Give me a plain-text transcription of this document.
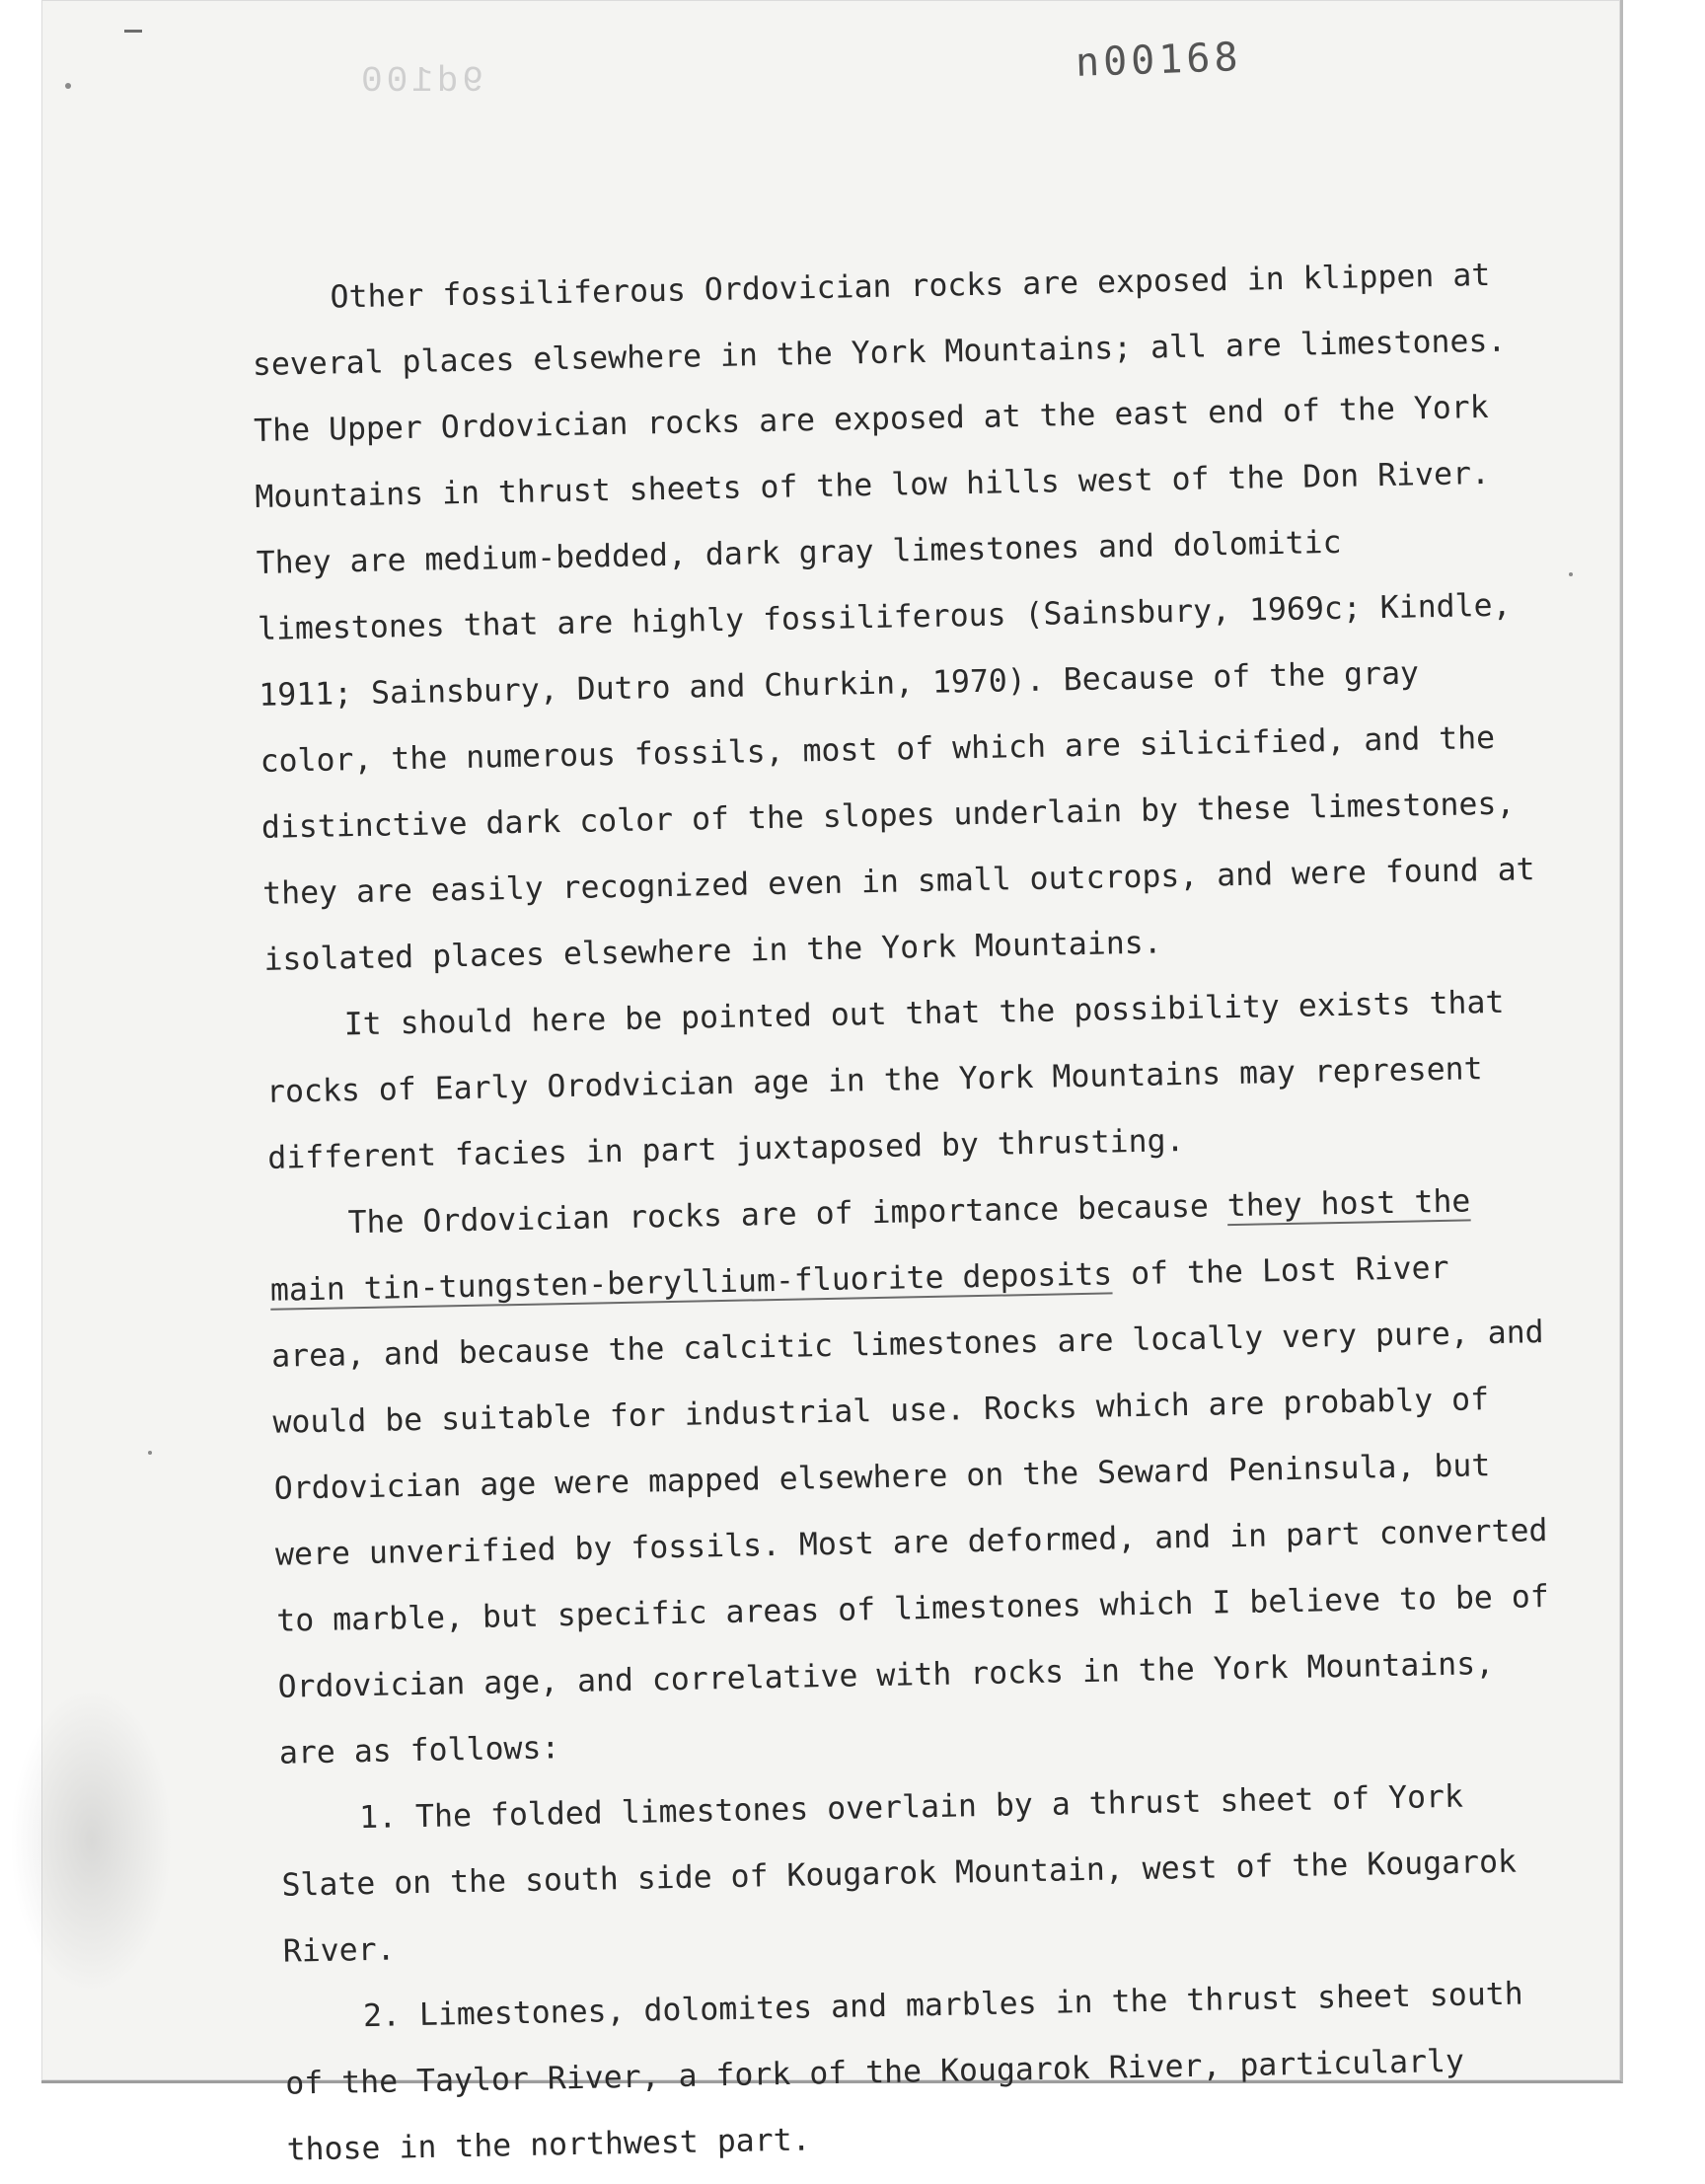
9d100	n00168

Other fossiliferous Ordovician rocks are exposed in klippen at several places elsewhere in the York Mountains; all are limestones. The Upper Ordovician rocks are exposed at the east end of the York Mountains in thrust sheets of the low hills west of the Don River. They are medium-bedded, dark gray limestones and dolomitic limestones that are highly fossiliferous (Sainsbury, 1969c; Kindle, 1911; Sainsbury, Dutro and Churkin, 1970). Because of the gray color, the numerous fossils, most of which are silicified, and the distinctive dark color of the slopes underlain by these limestones, they are easily recognized even in small outcrops, and were found at isolated places elsewhere in the York Mountains.

It should here be pointed out that the possibility exists that rocks of Early Orodvician age in the York Mountains may represent different facies in part juxtaposed by thrusting.

The Ordovician rocks are of importance because they host the main tin-tungsten-beryllium-fluorite deposits of the Lost River area, and because the calcitic limestones are locally very pure, and would be suitable for industrial use. Rocks which are probably of Ordovician age were mapped elsewhere on the Seward Peninsula, but were unverified by fossils. Most are deformed, and in part converted to marble, but specific areas of limestones which I believe to be of Ordovician age, and correlative with rocks in the York Mountains, are as follows:

1. The folded limestones overlain by a thrust sheet of York Slate on the south side of Kougarok Mountain, west of the Kougarok River.

2. Limestones, dolomites and marbles in the thrust sheet south of the Taylor River, a fork of the Kougarok River, particularly those in the northwest part.
